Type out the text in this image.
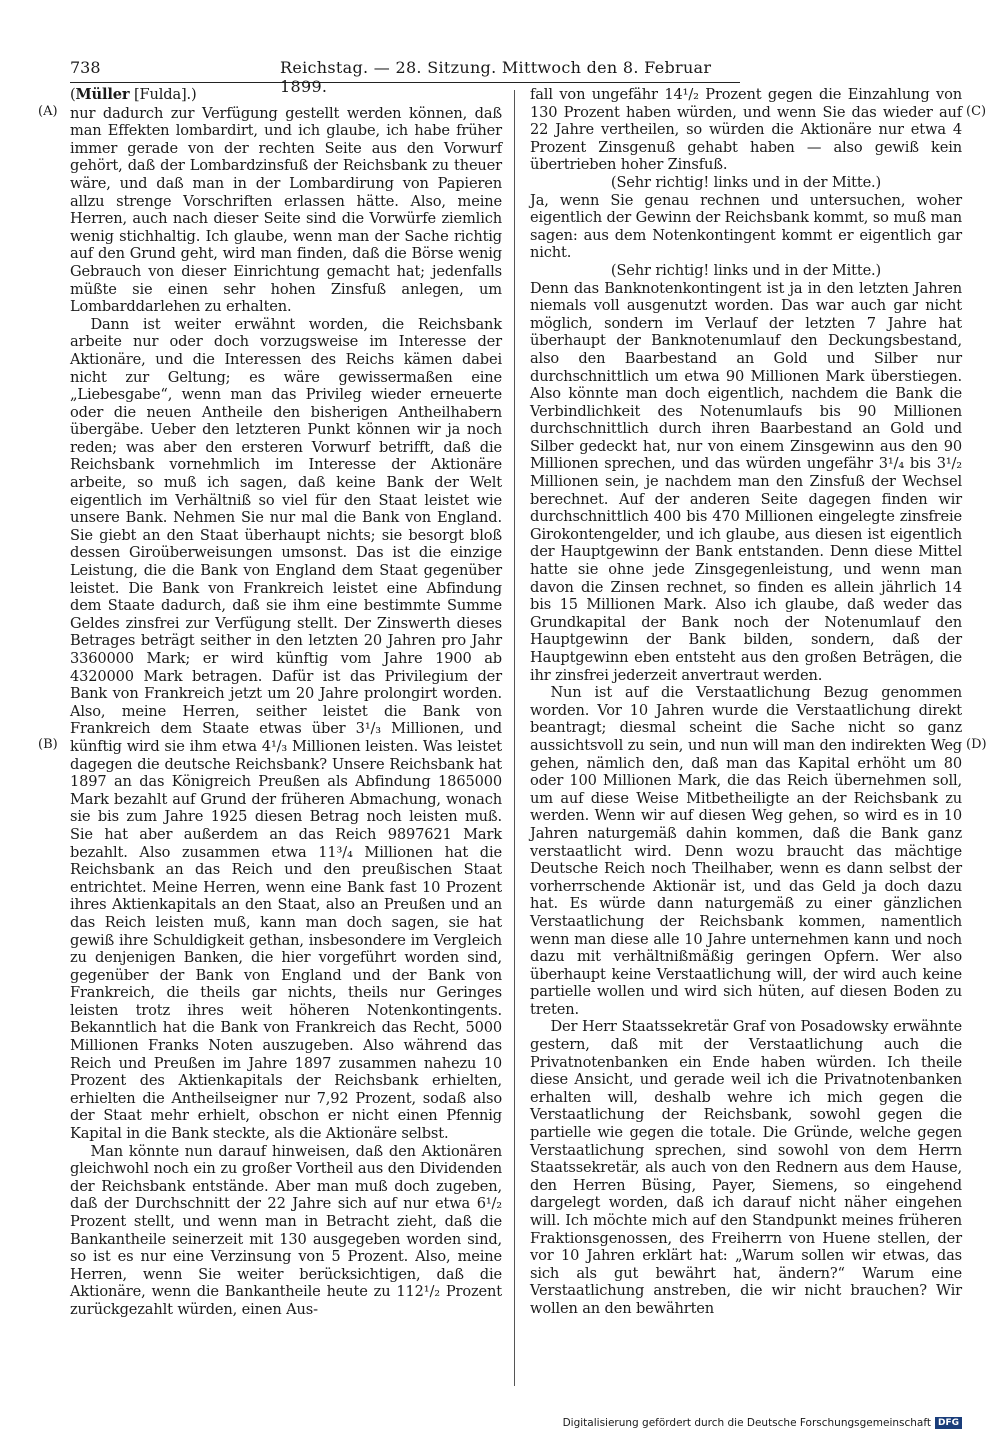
738	Reichstag. — 28. Sitzung. Mittwoch den 8. Februar 1899.
(A)
(B)
(C)
(D)
(Müller [Fulda].)

nur dadurch zur Verfügung gestellt werden können, daß man Effekten lombardirt, und ich glaube, ich habe früher immer gerade von der rechten Seite aus den Vorwurf gehört, daß der Lombardzinsfuß der Reichsbank zu theuer wäre, und daß man in der Lombardirung von Papieren allzu strenge Vorschriften erlassen hätte. Also, meine Herren, auch nach dieser Seite sind die Vorwürfe ziemlich wenig stichhaltig. Ich glaube, wenn man der Sache richtig auf den Grund geht, wird man finden, daß die Börse wenig Gebrauch von dieser Einrichtung gemacht hat; jedenfalls müßte sie einen sehr hohen Zinsfuß anlegen, um Lombarddarlehen zu erhalten.

Dann ist weiter erwähnt worden, die Reichsbank arbeite nur oder doch vorzugsweise im Interesse der Aktionäre, und die Interessen des Reichs kämen dabei nicht zur Geltung; es wäre gewissermaßen eine „Liebesgabe“, wenn man das Privileg wieder erneuerte oder die neuen Antheile den bisherigen Antheilhabern übergäbe. Ueber den letzteren Punkt können wir ja noch reden; was aber den ersteren Vorwurf betrifft, daß die Reichsbank vornehmlich im Interesse der Aktionäre arbeite, so muß ich sagen, daß keine Bank der Welt eigentlich im Verhältniß so viel für den Staat leistet wie unsere Bank. Nehmen Sie nur mal die Bank von England. Sie giebt an den Staat überhaupt nichts; sie besorgt bloß dessen Giroüberweisungen umsonst. Das ist die einzige Leistung, die die Bank von England dem Staat gegenüber leistet. Die Bank von Frankreich leistet eine Abfindung dem Staate dadurch, daß sie ihm eine bestimmte Summe Geldes zinsfrei zur Verfügung stellt. Der Zinswerth dieses Betrages beträgt seither in den letzten 20 Jahren pro Jahr 3360000 Mark; er wird künftig vom Jahre 1900 ab 4320000 Mark betragen. Dafür ist das Privilegium der Bank von Frankreich jetzt um 20 Jahre prolongirt worden. Also, meine Herren, seither leistet die Bank von Frankreich dem Staate etwas über 3¹/₃ Millionen, und künftig wird sie ihm etwa 4¹/₃ Millionen leisten. Was leistet dagegen die deutsche Reichsbank? Unsere Reichsbank hat 1897 an das Königreich Preußen als Abfindung 1865000 Mark bezahlt auf Grund der früheren Abmachung, wonach sie bis zum Jahre 1925 diesen Betrag noch leisten muß. Sie hat aber außerdem an das Reich 9897621 Mark bezahlt. Also zusammen etwa 11³/₄ Millionen hat die Reichsbank an das Reich und den preußischen Staat entrichtet. Meine Herren, wenn eine Bank fast 10 Prozent ihres Aktienkapitals an den Staat, also an Preußen und an das Reich leisten muß, kann man doch sagen, sie hat gewiß ihre Schuldigkeit gethan, insbesondere im Vergleich zu denjenigen Banken, die hier vorgeführt worden sind, gegenüber der Bank von England und der Bank von Frankreich, die theils gar nichts, theils nur Geringes leisten trotz ihres weit höheren Notenkontingents. Bekanntlich hat die Bank von Frankreich das Recht, 5000 Millionen Franks Noten auszugeben. Also während das Reich und Preußen im Jahre 1897 zusammen nahezu 10 Prozent des Aktienkapitals der Reichsbank erhielten, erhielten die Antheilseigner nur 7,92 Prozent, sodaß also der Staat mehr erhielt, obschon er nicht einen Pfennig Kapital in die Bank steckte, als die Aktionäre selbst.

Man könnte nun darauf hinweisen, daß den Aktionären gleichwohl noch ein zu großer Vortheil aus den Dividenden der Reichsbank entstände. Aber man muß doch zugeben, daß der Durchschnitt der 22 Jahre sich auf nur etwa 6¹/₂ Prozent stellt, und wenn man in Betracht zieht, daß die Bankantheile seinerzeit mit 130 ausgegeben worden sind, so ist es nur eine Verzinsung von 5 Prozent. Also, meine Herren, wenn Sie weiter berücksichtigen, daß die Aktionäre, wenn die Bankantheile heute zu 112¹/₂ Prozent zurückgezahlt würden, einen Aus-

fall von ungefähr 14¹/₂ Prozent gegen die Einzahlung von 130 Prozent haben würden, und wenn Sie das wieder auf 22 Jahre vertheilen, so würden die Aktionäre nur etwa 4 Prozent Zinsgenuß gehabt haben — also gewiß kein übertrieben hoher Zinsfuß.

(Sehr richtig! links und in der Mitte.)

Ja, wenn Sie genau rechnen und untersuchen, woher eigentlich der Gewinn der Reichsbank kommt, so muß man sagen: aus dem Notenkontingent kommt er eigentlich gar nicht.

(Sehr richtig! links und in der Mitte.)

Denn das Banknotenkontingent ist ja in den letzten Jahren niemals voll ausgenutzt worden. Das war auch gar nicht möglich, sondern im Verlauf der letzten 7 Jahre hat überhaupt der Banknotenumlauf den Deckungsbestand, also den Baarbestand an Gold und Silber nur durchschnittlich um etwa 90 Millionen Mark überstiegen. Also könnte man doch eigentlich, nachdem die Bank die Verbindlichkeit des Notenumlaufs bis 90 Millionen durchschnittlich durch ihren Baarbestand an Gold und Silber gedeckt hat, nur von einem Zinsgewinn aus den 90 Millionen sprechen, und das würden ungefähr 3¹/₄ bis 3¹/₂ Millionen sein, je nachdem man den Zinsfuß der Wechsel berechnet. Auf der anderen Seite dagegen finden wir durchschnittlich 400 bis 470 Millionen eingelegte zinsfreie Girokontengelder, und ich glaube, aus diesen ist eigentlich der Hauptgewinn der Bank entstanden. Denn diese Mittel hatte sie ohne jede Zinsgegenleistung, und wenn man davon die Zinsen rechnet, so finden es allein jährlich 14 bis 15 Millionen Mark. Also ich glaube, daß weder das Grundkapital der Bank noch der Notenumlauf den Hauptgewinn der Bank bilden, sondern, daß der Hauptgewinn eben entsteht aus den großen Beträgen, die ihr zinsfrei jederzeit anvertraut werden.

Nun ist auf die Verstaatlichung Bezug genommen worden. Vor 10 Jahren wurde die Verstaatlichung direkt beantragt; diesmal scheint die Sache nicht so ganz aussichtsvoll zu sein, und nun will man den indirekten Weg gehen, nämlich den, daß man das Kapital erhöht um 80 oder 100 Millionen Mark, die das Reich übernehmen soll, um auf diese Weise Mitbetheiligte an der Reichsbank zu werden. Wenn wir auf diesen Weg gehen, so wird es in 10 Jahren naturgemäß dahin kommen, daß die Bank ganz verstaatlicht wird. Denn wozu braucht das mächtige Deutsche Reich noch Theilhaber, wenn es dann selbst der vorherrschende Aktionär ist, und das Geld ja doch dazu hat. Es würde dann naturgemäß zu einer gänzlichen Verstaatlichung der Reichsbank kommen, namentlich wenn man diese alle 10 Jahre unternehmen kann und noch dazu mit verhältnißmäßig geringen Opfern. Wer also überhaupt keine Verstaatlichung will, der wird auch keine partielle wollen und wird sich hüten, auf diesen Boden zu treten.

Der Herr Staatssekretär Graf von Posadowsky erwähnte gestern, daß mit der Verstaatlichung auch die Privatnotenbanken ein Ende haben würden. Ich theile diese Ansicht, und gerade weil ich die Privatnotenbanken erhalten will, deshalb wehre ich mich gegen die Verstaatlichung der Reichsbank, sowohl gegen die partielle wie gegen die totale. Die Gründe, welche gegen Verstaatlichung sprechen, sind sowohl von dem Herrn Staatssekretär, als auch von den Rednern aus dem Hause, den Herren Büsing, Payer, Siemens, so eingehend dargelegt worden, daß ich darauf nicht näher eingehen will. Ich möchte mich auf den Standpunkt meines früheren Fraktionsgenossen, des Freiherrn von Huene stellen, der vor 10 Jahren erklärt hat: „Warum sollen wir etwas, das sich als gut bewährt hat, ändern?“ Warum eine Verstaatlichung anstreben, die wir nicht brauchen? Wir wollen an den bewährten

Digitalisierung gefördert durch die Deutsche Forschungsgemeinschaft DFG
